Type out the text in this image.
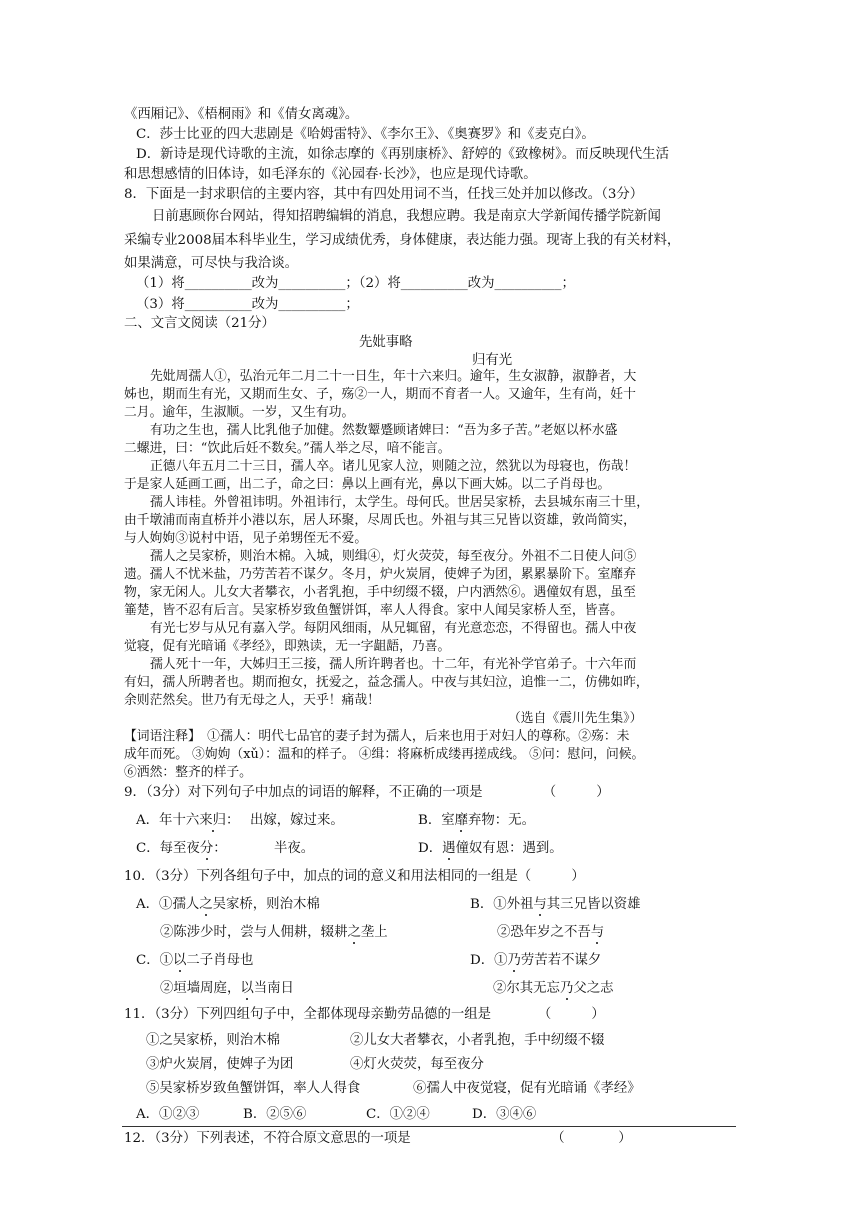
《西厢记》、《梧桐雨》和《倩女离魂》。
C．莎士比亚的四大悲剧是《哈姆雷特》、《李尔王》、《奥赛罗》和《麦克白》。
D．新诗是现代诗歌的主流，如徐志摩的《再别康桥》、舒婷的《致橡树》。而反映现代生活
和思想感情的旧体诗，如毛泽东的《沁园春·长沙》，也应是现代诗歌。
8．下面是一封求职信的主要内容，其中有四处用词不当，任找三处并加以修改。（3分）
日前惠顾你台网站，得知招聘编辑的消息，我想应聘。我是南京大学新闻传播学院新闻
采编专业2008届本科毕业生，学习成绩优秀，身体健康，表达能力强。现寄上我的有关材料，
如果满意，可尽快与我洽谈。
（1）将__________改为__________；（2）将__________改为__________；
（3）将__________改为__________；
二、文言文阅读（21分）
先妣事略
归有光
先妣周孺人①，弘治元年二月二十一日生，年十六来归。逾年，生女淑静，淑静者，大
姊也，期而生有光，又期而生女、子，殇②一人，期而不育者一人。又逾年，生有尚，妊十
二月。逾年，生淑顺。一岁，又生有功。
有功之生也，孺人比乳他子加健。然数颦蹙顾诸婢曰：“吾为多子苦。”老妪以杯水盛
二螺进，曰：“饮此后妊不数矣。”孺人举之尽，喑不能言。
正德八年五月二十三日，孺人卒。诸儿见家人泣，则随之泣，然犹以为母寝也，伤哉！
于是家人延画工画，出二子，命之曰：鼻以上画有光，鼻以下画大姊。以二子肖母也。
孺人讳桂。外曾祖讳明。外祖讳行，太学生。母何氏。世居吴家桥，去县城东南三十里，
由千墩浦而南直桥并小港以东，居人环聚，尽周氏也。外祖与其三兄皆以资雄，敦尚简实，
与人姁姁③说村中语，见子弟甥侄无不爱。
孺人之吴家桥，则治木棉。入城，则缉④，灯火荧荧，每至夜分。外祖不二日使人问⑤
遗。孺人不忧米盐，乃劳苦若不谋夕。冬月，炉火炭屑，使婢子为团，累累暴阶下。室靡弃
物，家无闲人。儿女大者攀衣，小者乳抱，手中纫缀不辍，户内洒然⑥。遇僮奴有恩，虽至
箠楚，皆不忍有后言。吴家桥岁致鱼蟹饼饵，率人人得食。家中人闻吴家桥人至，皆喜。
有光七岁与从兄有嘉入学。每阴风细雨，从兄辄留，有光意恋恋，不得留也。孺人中夜
觉寝，促有光暗诵《孝经》，即熟读，无一字龃龉，乃喜。
孺人死十一年，大姊归王三接，孺人所许聘者也。十二年，有光补学官弟子。十六年而
有妇，孺人所聘者也。期而抱女，抚爱之，益念孺人。中夜与其妇泣，追惟一二，仿佛如昨，
余则茫然矣。世乃有无母之人，天乎！痛哉！
（选自《震川先生集》）
【词语注释】　①孺人：明代七品官的妻子封为孺人，后来也用于对妇人的尊称。②殇：未
成年而死。 ③姁姁（xǔ）：温和的样子。 ④缉：将麻析成缕再搓成线。 ⑤问：慰问，问候。
⑥洒然：整齐的样子。
9．（3分）对下列句子中加点的词语的解释，不正确的一项是　　　　　（　　　）
A．年十六来归： 出嫁，嫁过来。	B．室靡弃物：无。
C．每至夜分：	半夜。	D．遇僮奴有恩：遇到。
10．（3分）下列各组句子中，加点的词的意义和用法相同的一组是（　　　）
A．①孺人之吴家桥，则治木棉	B．①外祖与其三兄皆以资雄
②陈涉少时，尝与人佣耕，辍耕之垄上	②恐年岁之不吾与
C．①以二子肖母也	D．①乃劳苦若不谋夕
②垣墙周庭，以当南日	②尔其无忘乃父之志
11．（3分）下列四组句子中，全都体现母亲勤劳品德的一组是　　　　（　　　）
①之吴家桥，则治木棉	②儿女大者攀衣，小者乳抱，手中纫缀不辍
③炉火炭屑，使婢子为团	④灯火荧荧，每至夜分
⑤吴家桥岁致鱼蟹饼饵，率人人得食	⑥孺人中夜觉寝，促有光暗诵《孝经》
A．①②③	B．②⑤⑥	C．①②④	D．③④⑥
12．（3分）下列表述，不符合原文意思的一项是　　　　　　　　　　　（　　　　）
